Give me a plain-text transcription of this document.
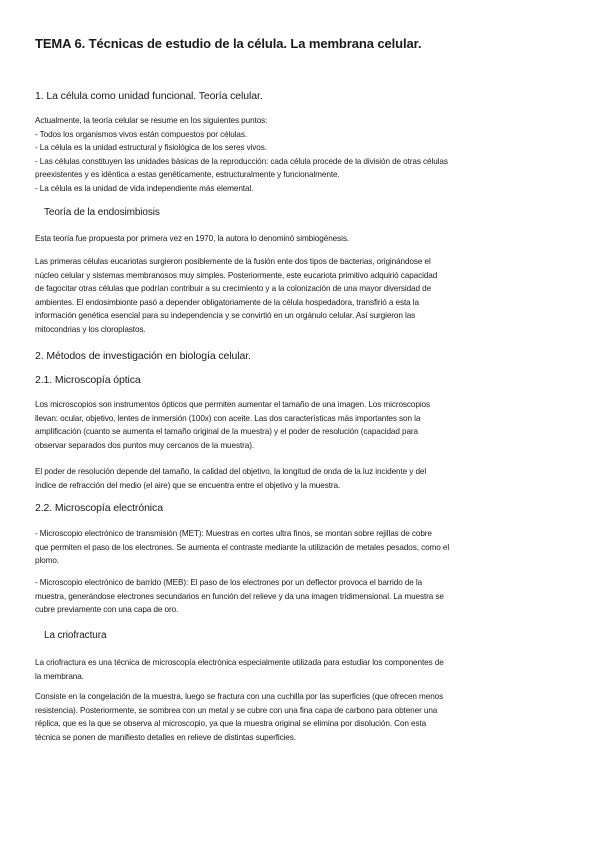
TEMA 6. Técnicas de estudio de la célula. La membrana celular.
1. La célula como unidad funcional. Teoría celular.
Actualmente, la teoría celular se resume en los siguientes puntos:
- Todos los organismos vivos están compuestos por células.
- La célula es la unidad estructural y fisiológica de los seres vivos.
- Las células constituyen las unidades básicas de la reproducción: cada célula procede de la división de otras células
preexistentes y es idéntica a estas genéticamente, estructuralmente y funcionalmente.
- La célula es la unidad de vida independiente más elemental.
Teoría de la endosimbiosis
Esta teoría fue propuesta por primera vez en 1970, la autora lo denominó simbiogénesis.
Las primeras células eucariotas surgieron posiblemente de la fusión ente dos tipos de bacterias, originándose el
núcleo celular y sistemas membranosos muy simples. Posteriormente, este eucariota primitivo adquirió capacidad
de fagocitar otras células que podrían contribuir a su crecimiento y a la colonización de una mayor diversidad de
ambientes. El endosimbionte pasó a depender obligatoriamente de la célula hospedadora, transfirió a esta la
información genética esencial para su independencia y se convirtió en un orgánulo celular. Así surgieron las
mitocondrias y los cloroplastos.
2. Métodos de investigación en biología celular.
2.1. Microscopía óptica
Los microscopios son instrumentos ópticos que permiten aumentar el tamaño de una imagen. Los microscopios
llevan: ocular, objetivo, lentes de inmersión (100x) con aceite. Las dos características más importantes son la
amplificación (cuanto se aumenta el tamaño original de la muestra) y el poder de resolución (capacidad para
observar separados dos puntos muy cercanos de la muestra).
El poder de resolución depende del tamaño, la calidad del objetivo, la longitud de onda de la luz incidente y del
índice de refracción del medio (el aire) que se encuentra entre el objetivo y la muestra.
2.2. Microscopía electrónica
- Microscopio electrónico de transmisión (MET): Muestras en cortes ultra finos, se montan sobre rejillas de cobre
que permiten el paso de los electrones. Se aumenta el contraste mediante la utilización de metales pesados, como el
plomo.
- Microscopio electrónico de barrido (MEB): El paso de los electrones por un deflector provoca el barrido de la
muestra, generándose electrones secundarios en función del relieve y da una imagen tridimensional. La muestra se
cubre previamente con una capa de oro.
La criofractura
La criofractura es una técnica de microscopía electrónica especialmente utilizada para estudiar los componentes de
la membrana.
Consiste en la congelación de la muestra, luego se fractura con una cuchilla por las superficies (que ofrecen menos
resistencia). Posteriormente, se sombrea con un metal y se cubre con una fina capa de carbono para obtener una
réplica, que es la que se observa al microscopio, ya que la muestra original se elimina por disolución. Con esta
técnica se ponen de manifiesto detalles en relieve de distintas superficies.
